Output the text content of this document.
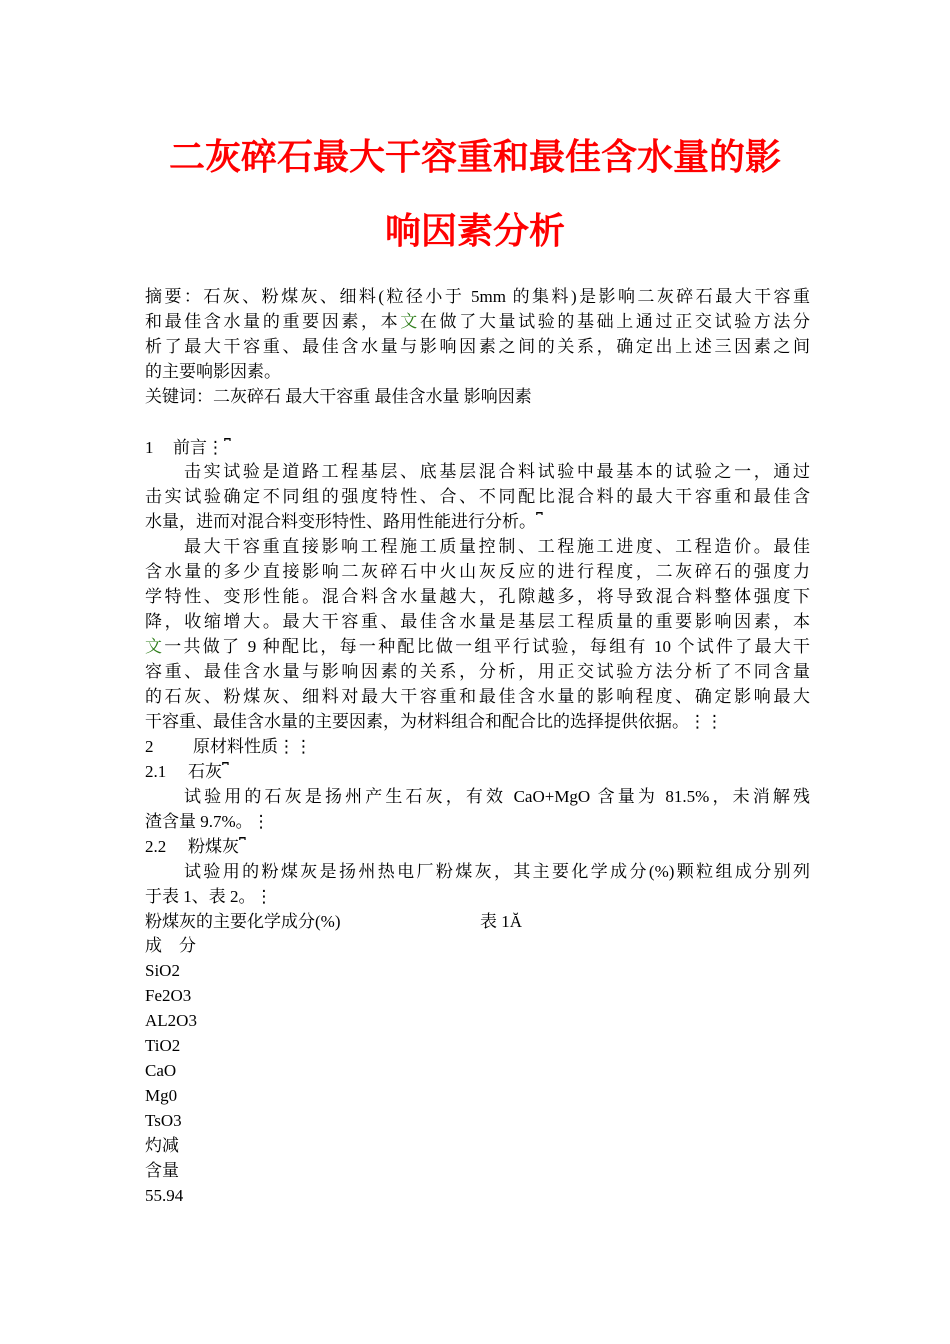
二灰碎石最大干容重和最佳含水量的影
响因素分析
摘要：石灰、粉煤灰、细料(粒径小于 5mm 的集料)是影响二灰碎石最大干容重
和最佳含水量的重要因素，本文在做了大量试验的基础上通过正交试验方法分
析了最大干容重、最佳含水量与影响因素之间的关系，确定出上述三因素之间
的主要响影因素。
关键词：二灰碎石 最大干容重 最佳含水量 影响因素
1 前言⋮⎴
击实试验是道路工程基层、底基层混合料试验中最基本的试验之一，通过
击实试验确定不同组的强度特性、合、不同配比混合料的最大干容重和最佳含
水量，进而对混合料变形特性、路用性能进行分析。⎴
最大干容重直接影响工程施工质量控制、工程施工进度、工程造价。最佳
含水量的多少直接影响二灰碎石中火山灰反应的进行程度，二灰碎石的强度力
学特性、变形性能。混合料含水量越大，孔隙越多，将导致混合料整体强度下
降，收缩增大。最大干容重、最佳含水量是基层工程质量的重要影响因素，本
文一共做了 9 种配比，每一种配比做一组平行试验，每组有 10 个试件了最大干
容重、最佳含水量与影响因素的关系，分析，用正交试验方法分析了不同含量
的石灰、粉煤灰、细料对最大干容重和最佳含水量的影响程度、确定影响最大
干容重、最佳含水量的主要因素，为材料组合和配合比的选择提供依据。⋮⋮
2 原材料性质⋮⋮
2.1 石灰⎴
试验用的石灰是扬州产生石灰，有效 CaO+MgO 含量为 81.5%，未消解残
渣含量 9.7%。⋮
2.2 粉煤灰⎴
试验用的粉煤灰是扬州热电厂粉煤灰，其主要化学成分(%)颗粒组成分别列
于表 1、表 2。⋮
粉煤灰的主要化学成分(%)	表 1Ă
成　分
SiO2
Fe2O3
AL2O3
TiO2
CaO
Mg0
TsO3
灼减
含量
55.94
